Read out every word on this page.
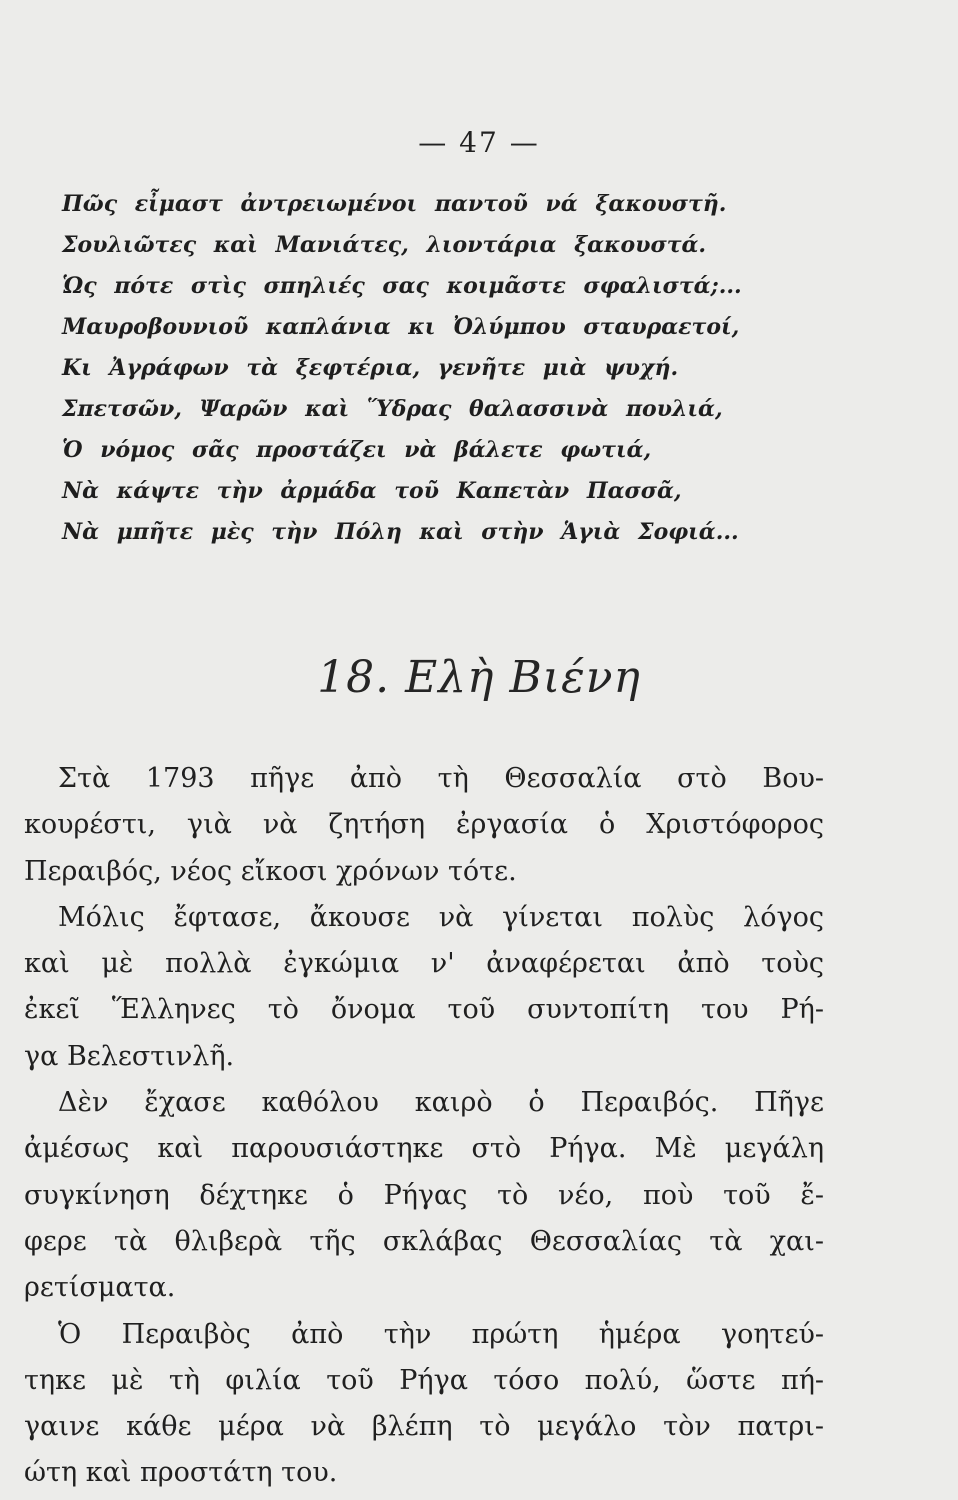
— 47 —
Πῶς εἶμαστ ἀντρειωμένοι παντοῦ νά ξακουστῆ.
Σουλιῶτες καὶ Μανιάτες, λιοντάρια ξακουστά.
Ὡς πότε στὶς σπηλιές σας κοιμᾶστε σφαλιστά;...
Μαυροβουνιοῦ καπλάνια κι Ὀλύμπου σταυραετοί,
Κι Ἀγράφων τὰ ξεφτέρια, γενῆτε μιὰ ψυχή.
Σπετσῶν, Ψαρῶν καὶ Ὕδρας θαλασσινὰ πουλιά,
Ὁ νόμος σᾶς προστάζει νὰ βάλετε φωτιά,
Νὰ κάψτε τὴν ἀρμάδα τοῦ Καπετὰν Πασσᾶ,
Νὰ μπῆτε μὲς τὴν Πόλη καὶ στὴν Ἁγιὰ Σοφιά...
18. Ελὴ Βιένη
Στὰ 1793 πῆγε ἀπὸ τὴ Θεσσαλία στὸ Βου-
κουρέστι, γιὰ νὰ ζητήση ἐργασία ὁ Χριστόφορος
Περαιβός, νέος εἴκοσι χρόνων τότε.
Μόλις ἔφτασε, ἄκουσε νὰ γίνεται πολὺς λόγος
καὶ μὲ πολλὰ ἐγκώμια ν' ἀναφέρεται ἀπὸ τοὺς
ἐκεῖ Ἕλληνες τὸ ὄνομα τοῦ συντοπίτη του Ρή-
γα Βελεστινλῆ.
Δὲν ἔχασε καθόλου καιρὸ ὁ Περαιβός. Πῆγε
ἀμέσως καὶ παρουσιάστηκε στὸ Ρήγα. Μὲ μεγάλη
συγκίνηση δέχτηκε ὁ Ρήγας τὸ νέο, ποὺ τοῦ ἔ-
φερε τὰ θλιβερὰ τῆς σκλάβας Θεσσαλίας τὰ χαι-
ρετίσματα.
Ὁ Περαιβὸς ἀπὸ τὴν πρώτη ἡμέρα γοητεύ-
τηκε μὲ τὴ φιλία τοῦ Ρήγα τόσο πολύ, ὥστε πή-
γαινε κάθε μέρα νὰ βλέπη τὸ μεγάλο τὸν πατρι-
ώτη καὶ προστάτη του.
